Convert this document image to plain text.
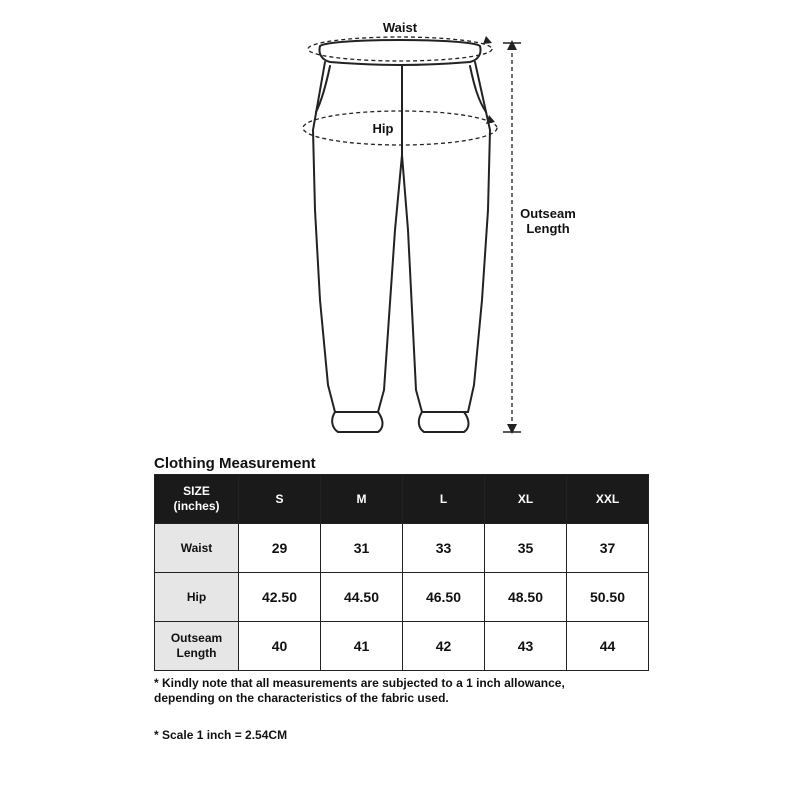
Waist
Hip
Outseam
Length
Clothing Measurement
SIZE
(inches)	S	M	L	XL	XXL
Waist	29	31	33	35	37
Hip	42.50	44.50	46.50	48.50	50.50
Outseam
Length	40	41	42	43	44

* Kindly note that all measurements are subjected to a 1 inch allowance,
depending on the characteristics of the fabric used.

* Scale 1 inch = 2.54CM
